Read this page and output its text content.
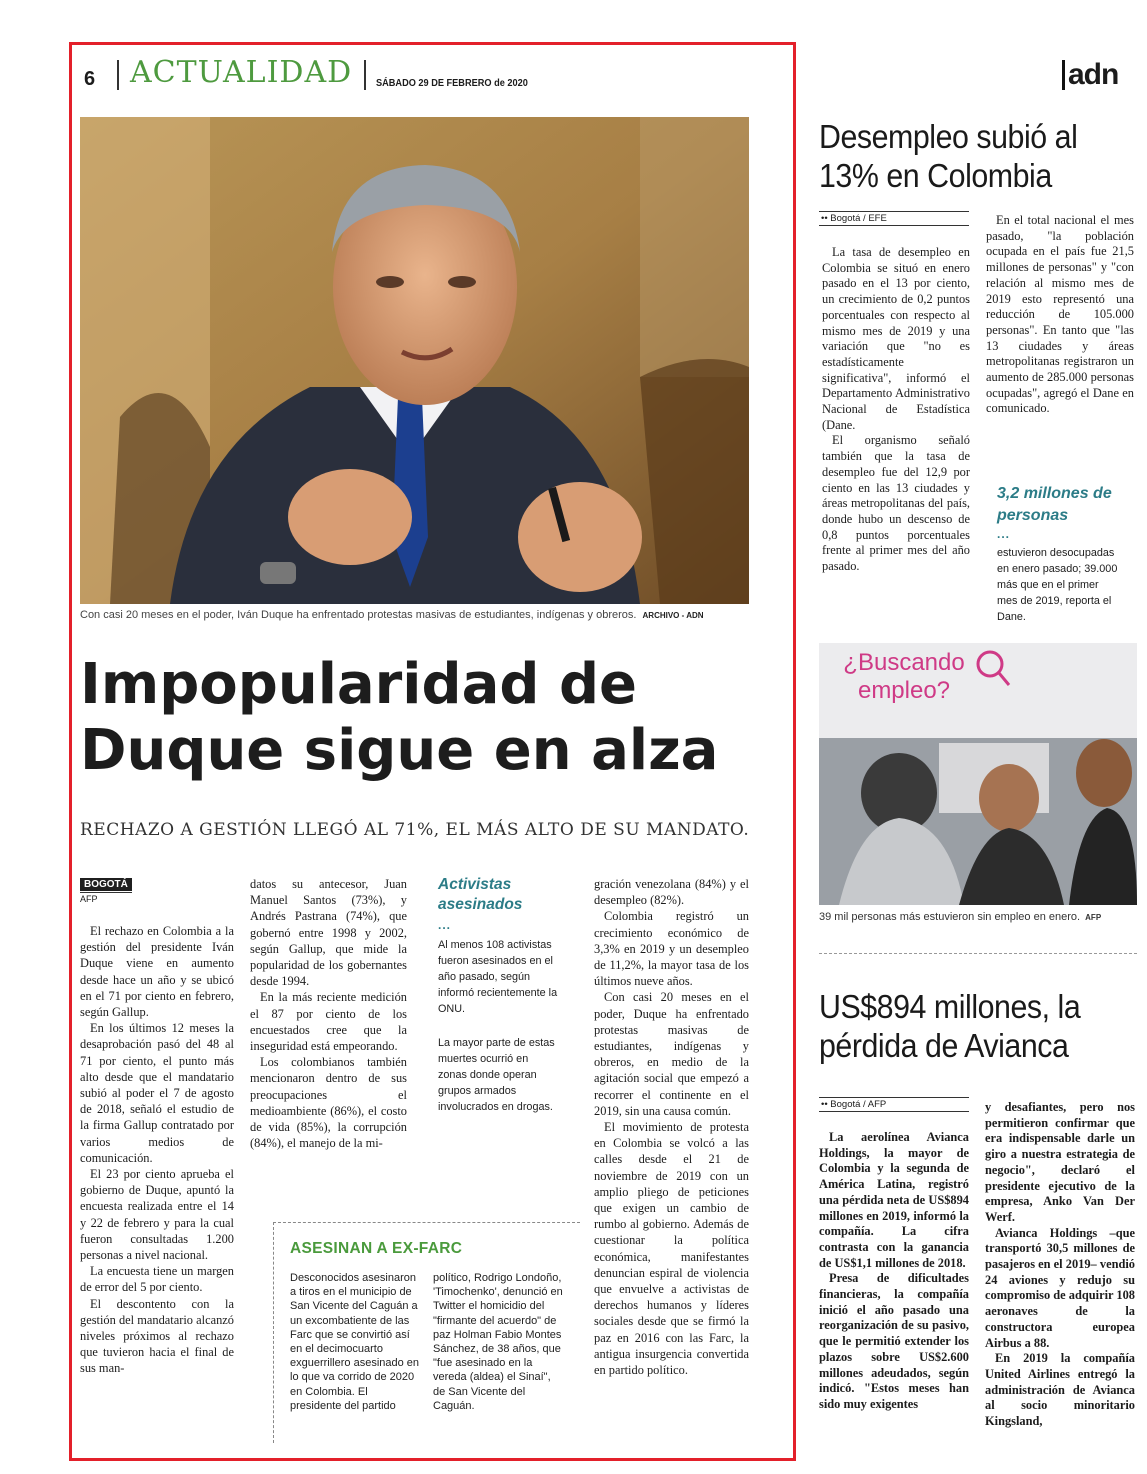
6 ACTUALIDAD SÁBADO 29 DE FEBRERO de 2020	adn
Con casi 20 meses en el poder, Iván Duque ha enfrentado protestas masivas de estudiantes, indígenas y obreros. ARCHIVO - ADN
Impopularidad de
Duque sigue en alza
RECHAZO A GESTIÓN LLEGÓ AL 71%, EL MÁS ALTO DE SU MANDATO.
BOGOTÁ
AFP

El rechazo en Colombia a la gestión del presidente Iván Duque viene en aumento desde hace un año y se ubicó en el 71 por ciento en febrero, según Gallup.

En los últimos 12 meses la desaprobación pasó del 48 al 71 por ciento, el punto más alto desde que el mandatario subió al poder el 7 de agosto de 2018, señaló el estudio de la firma Gallup contratado por varios medios de comunicación.

El 23 por ciento aprueba el gobierno de Duque, apuntó la encuesta realizada entre el 14 y 22 de febrero y para la cual fueron consultadas 1.200 personas a nivel nacional.

La encuesta tiene un margen de error del 5 por ciento.

El descontento con la gestión del mandatario alcanzó niveles próximos al rechazo que tuvieron hacia el final de sus man-

datos su antecesor, Juan Manuel Santos (73%), y Andrés Pastrana (74%), que gobernó entre 1998 y 2002, según Gallup, que mide la popularidad de los gobernantes desde 1994.

En la más reciente medición el 87 por ciento de los encuestados cree que la inseguridad está empeorando.

Los colombianos también mencionaron dentro de sus preocupaciones el medioambiente (86%), el costo de vida (85%), la corrupción (84%), el manejo de la mi-

Activistas asesinados
...
Al menos 108 activistas fueron asesinados en el año pasado, según informó recientemente la ONU.
La mayor parte de estas muertes ocurrió en zonas donde operan grupos armados involucrados en drogas.

gración venezolana (84%) y el desempleo (82%).

Colombia registró un crecimiento económico de 3,3% en 2019 y un desempleo de 11,2%, la mayor tasa de los últimos nueve años.

Con casi 20 meses en el poder, Duque ha enfrentado protestas masivas de estudiantes, indígenas y obreros, en medio de la agitación social que empezó a recorrer el continente en el 2019, sin una causa común.

El movimiento de protesta en Colombia se volcó a las calles desde el 21 de noviembre de 2019 con un amplio pliego de peticiones que exigen un cambio de rumbo al gobierno. Además de cuestionar la política económica, manifestantes denuncian espiral de violencia que envuelve a activistas de derechos humanos y líderes sociales desde que se firmó la paz en 2016 con las Farc, la antigua insurgencia convertida en partido político.

ASESINAN A EX-FARC
Desconocidos asesinaron a tiros en el municipio de San Vicente del Caguán a un excombatiente de las Farc que se convirtió así en el decimocuarto exguerrillero asesinado en lo que va corrido de 2020 en Colombia. El presidente del partido
político, Rodrigo Londoño, 'Timochenko', denunció en Twitter el homicidio del "firmante del acuerdo" de paz Holman Fabio Montes Sánchez, de 38 años, que "fue asesinado en la vereda (aldea) el Sinaí", de San Vicente del Caguán.
Desempleo subió al 13% en Colombia
•• Bogotá / EFE

La tasa de desempleo en Colombia se situó en enero pasado en el 13 por ciento, un crecimiento de 0,2 puntos porcentuales con respecto al mismo mes de 2019 y una variación que "no es estadísticamente significativa", informó el Departamento Administrativo Nacional de Estadística (Dane.

El organismo señaló también que la tasa de desempleo fue del 12,9 por ciento en las 13 ciudades y áreas metropolitanas del país, donde hubo un descenso de 0,8 puntos porcentuales frente al primer mes del año pasado.

En el total nacional el mes pasado, "la población ocupada en el país fue 21,5 millones de personas" y "con relación al mismo mes de 2019 esto representó una reducción de 105.000 personas". En tanto que "las 13 ciudades y áreas metropolitanas registraron un aumento de 285.000 personas ocupadas", agregó el Dane en comunicado.

3,2 millones de personas
...
estuvieron desocupadas en enero pasado; 39.000 más que en el primer mes de 2019, reporta el Dane.
¿Buscando empleo?
39 mil personas más estuvieron sin empleo en enero. AFP
US$894 millones, la pérdida de Avianca
•• Bogotá / AFP

La aerolínea Avianca Holdings, la mayor de Colombia y la segunda de América Latina, registró una pérdida neta de US$894 millones en 2019, informó la compañía. La cifra contrasta con la ganancia de US$1,1 millones de 2018.

Presa de dificultades financieras, la compañía inició el año pasado una reorganización de su pasivo, que le permitió extender los plazos sobre US$2.600 millones adeudados, según indicó. "Estos meses han sido muy exigentes

y desafiantes, pero nos permitieron confirmar que era indispensable darle un giro a nuestra estrategia de negocio", declaró el presidente ejecutivo de la empresa, Anko Van Der Werf.

Avianca Holdings –que transportó 30,5 millones de pasajeros en el 2019– vendió 24 aviones y redujo su compromiso de adquirir 108 aeronaves de la constructora europea Airbus a 88.

En 2019 la compañía United Airlines entregó la administración de Avianca al socio minoritario Kingsland,
